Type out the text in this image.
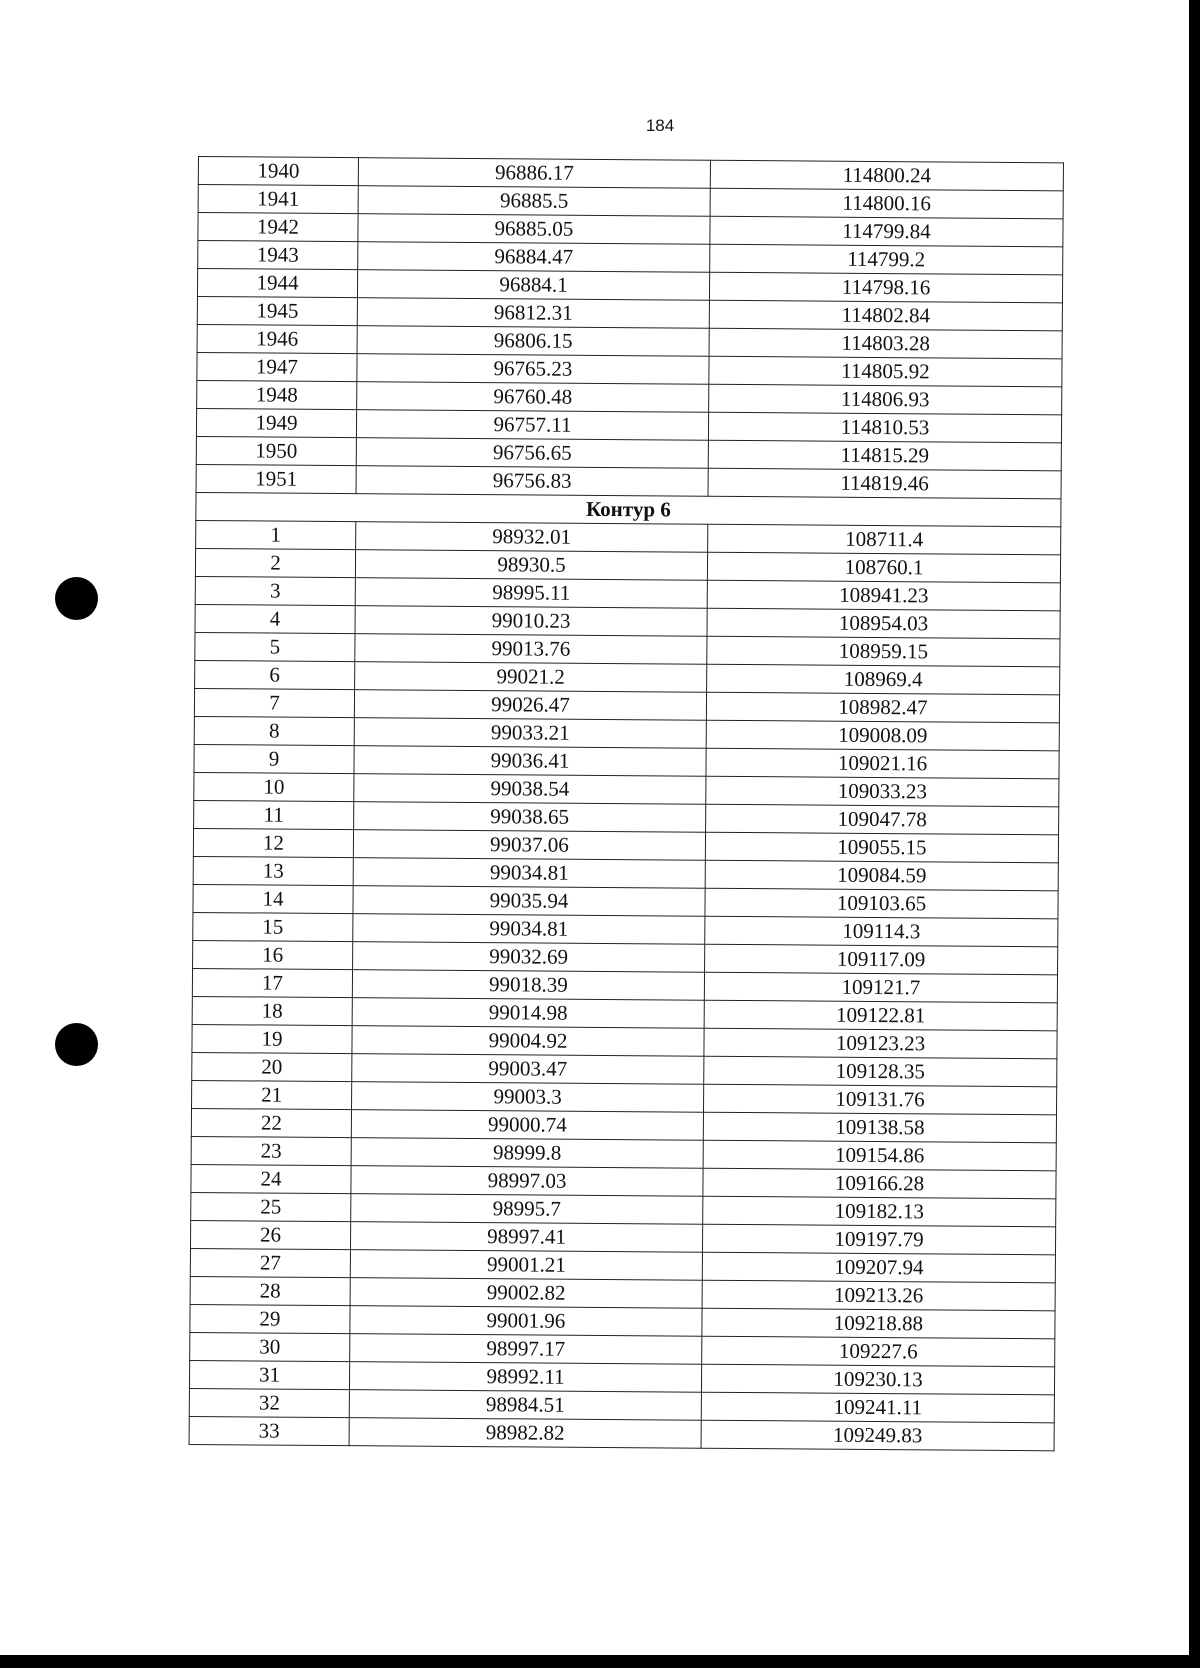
184
1940	96886.17	114800.24
1941	96885.5	114800.16
1942	96885.05	114799.84
1943	96884.47	114799.2
1944	96884.1	114798.16
1945	96812.31	114802.84
1946	96806.15	114803.28
1947	96765.23	114805.92
1948	96760.48	114806.93
1949	96757.11	114810.53
1950	96756.65	114815.29
1951	96756.83	114819.46
Контур 6		
1	98932.01	108711.4
2	98930.5	108760.1
3	98995.11	108941.23
4	99010.23	108954.03
5	99013.76	108959.15
6	99021.2	108969.4
7	99026.47	108982.47
8	99033.21	109008.09
9	99036.41	109021.16
10	99038.54	109033.23
11	99038.65	109047.78
12	99037.06	109055.15
13	99034.81	109084.59
14	99035.94	109103.65
15	99034.81	109114.3
16	99032.69	109117.09
17	99018.39	109121.7
18	99014.98	109122.81
19	99004.92	109123.23
20	99003.47	109128.35
21	99003.3	109131.76
22	99000.74	109138.58
23	98999.8	109154.86
24	98997.03	109166.28
25	98995.7	109182.13
26	98997.41	109197.79
27	99001.21	109207.94
28	99002.82	109213.26
29	99001.96	109218.88
30	98997.17	109227.6
31	98992.11	109230.13
32	98984.51	109241.11
33	98982.82	109249.83
